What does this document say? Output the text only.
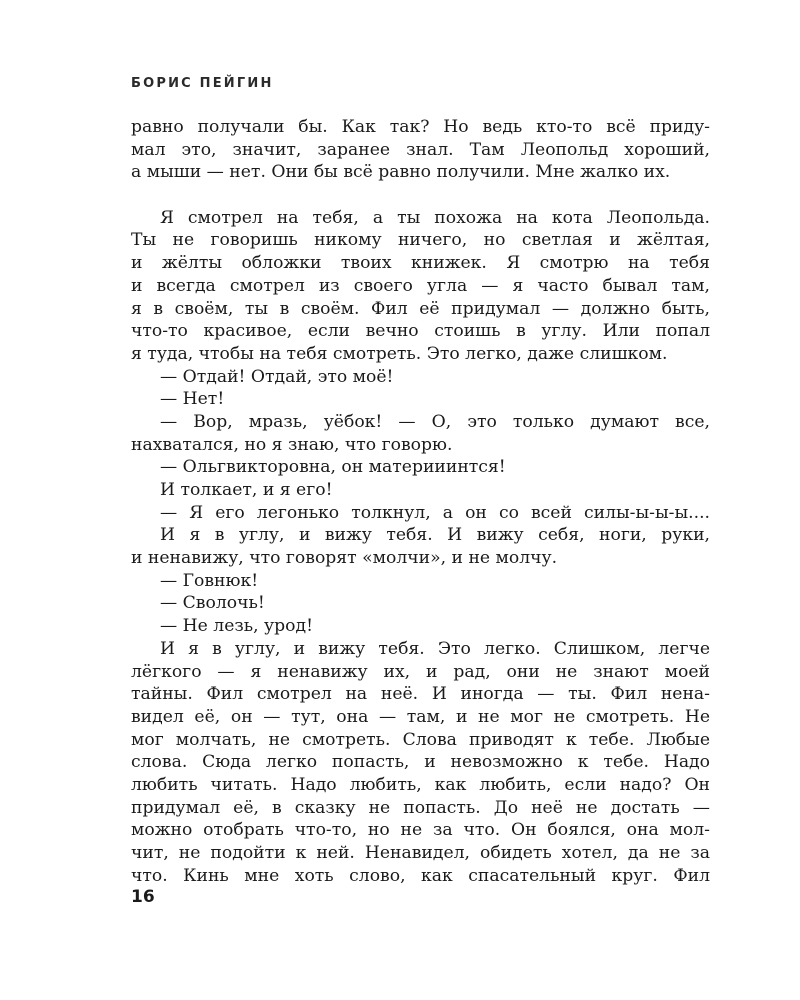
БОРИС ПЕЙГИН
равно получали бы. Как так? Но ведь кто-то всё приду-
мал это, значит, заранее знал. Там Леопольд хороший,
а мыши — нет. Они бы всё равно получили. Мне жалко их.
Я смотрел на тебя, а ты похожа на кота Леопольда.
Ты не говоришь никому ничего, но светлая и жёлтая,
и жёлты обложки твоих книжек. Я смотрю на тебя
и всегда смотрел из своего угла — я часто бывал там,
я в своём, ты в своём. Фил её придумал — должно быть,
что-то красивое, если вечно стоишь в углу. Или попал
я туда, чтобы на тебя смотреть. Это легко, даже слишком.
— Отдай! Отдай, это моё!
— Нет!
— Вор, мразь, уёбок! — О, это только думают все,
нахватался, но я знаю, что говорю.
— Ольгвикторовна, он материиинтся!
И толкает, и я его!
— Я его легонько толкнул, а он со всей силы-ы-ы-ы....
И я в углу, и вижу тебя. И вижу себя, ноги, руки,
и ненавижу, что говорят «молчи», и не молчу.
— Говнюк!
— Сволочь!
— Не лезь, урод!
И я в углу, и вижу тебя. Это легко. Слишком, легче
лёгкого — я ненавижу их, и рад, они не знают моей
тайны. Фил смотрел на неё. И иногда — ты. Фил нена-
видел её, он — тут, она — там, и не мог не смотреть. Не
мог молчать, не смотреть. Слова приводят к тебе. Любые
слова. Сюда легко попасть, и невозможно к тебе. Надо
любить читать. Надо любить, как любить, если надо? Он
придумал её, в сказку не попасть. До неё не достать —
можно отобрать что-то, но не за что. Он боялся, она мол-
чит, не подойти к ней. Ненавидел, обидеть хотел, да не за
что. Кинь мне хоть слово, как спасательный круг. Фил
16
